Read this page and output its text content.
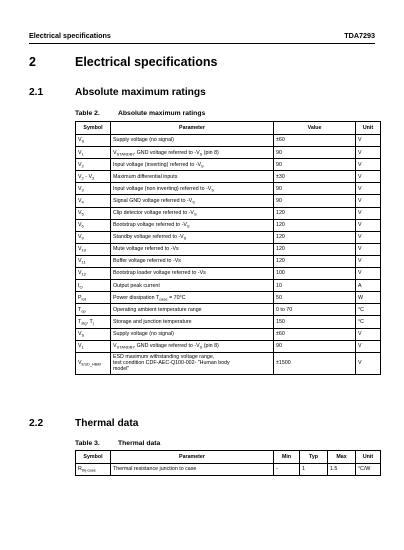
Electrical specifications	TDA7293
2	Electrical specifications
2.1	Absolute maximum ratings
Table 2.	Absolute maximum ratings
Symbol	Parameter	Value	Unit
$V_S$	Supply voltage (no signal)	±60	V
$V_1$	$V_{STANDBY}$ GND voltage referred to $-V_S$ (pin 8)	90	V
$V_2$	Input voltage (inverting) referred to $-V_S$	90	V
$V_2 - V_3$	Maximum differential inputs	±30	V
$V_3$	Input voltage (non inverting) referred to $-V_S$	90	V
$V_4$	Signal GND voltage referred to $-V_S$	90	V
$V_5$	Clip detector voltage referred to $-V_S$	120	V
$V_6$	Bootstrap voltage referred to $-V_S$	120	V
$V_9$	Standby voltage referred to $-V_S$	120	V
$V_{10}$	Mute voltage referred to -Vs	120	V
$V_{11}$	Buffer voltage referred to -Vs	120	V
$V_{12}$	Bootstrap loader voltage referred to -Vs	100	V
$I_O$	Output peak current	10	A
$P_{tot}$	Power dissipation $T_{case} = 70^\circ C$	50	W
$T_{op}$	Operating ambient temperature range	0 to 70	°C
$T_{stg}$, $T_j$	Storage and junction temperature	150	°C
$V_S$	Supply voltage (no signal)	±60	V
$V_1$	$V_{STANDBY}$ GND voltage referred to $-V_S$ (pin 8)	90	V
$V_{ESD\_HBM}$	ESD maximum withstanding voltage range,
test condition CDF-AEC-Q100-002- "Human body
model"	±1500	V
2.2	Thermal data
Table 3.	Thermal data
Symbol	Parameter	Min	Typ	Max	Unit
$R_{thj-case}$	Thermal resistance junction to case	-	1	1.5	°C/W
